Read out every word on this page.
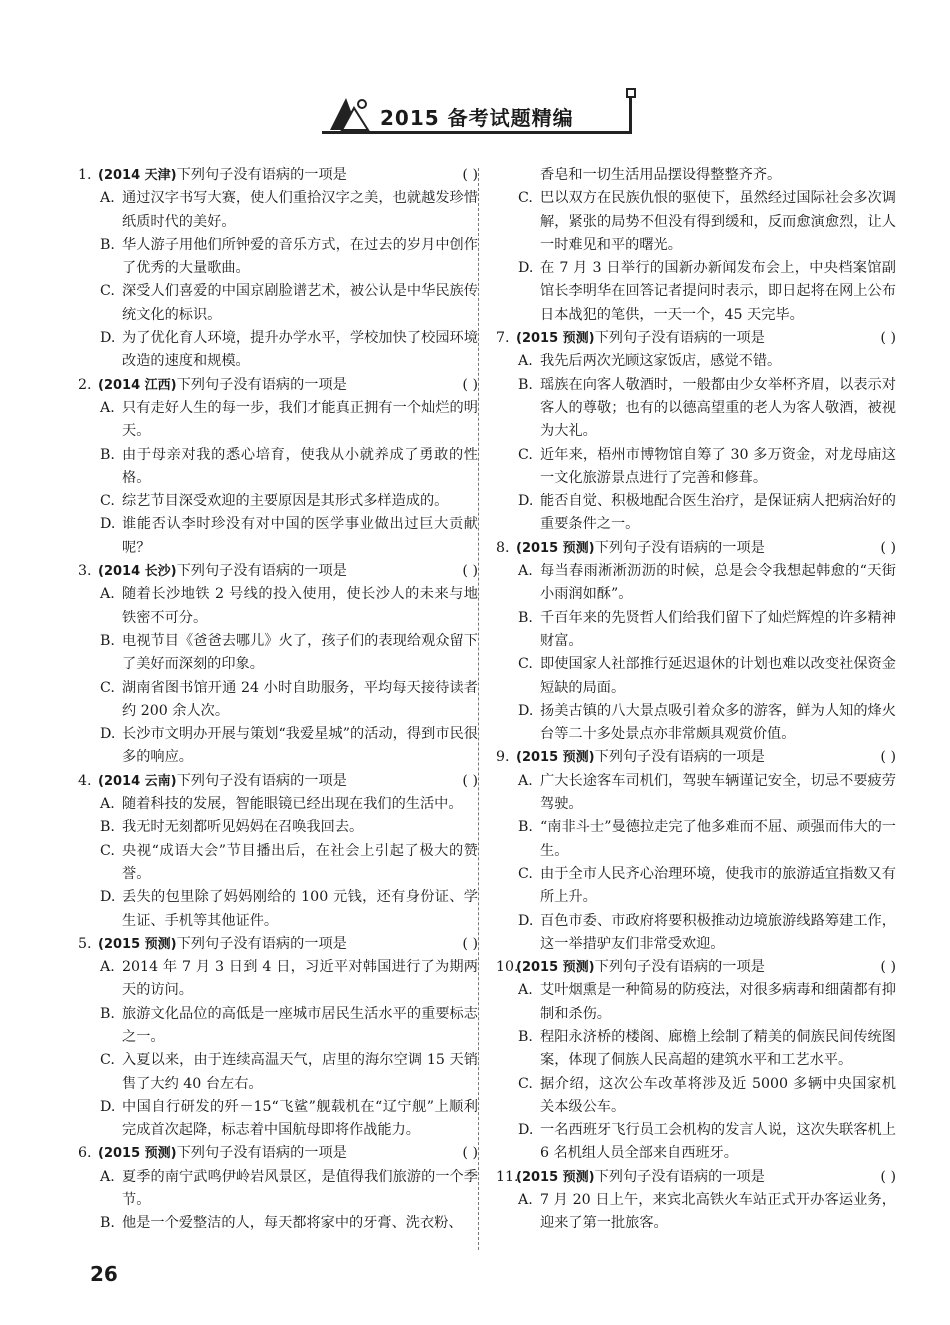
2015 备考试题精编
1. (2014 天津)下列句子没有语病的一项是	( )
A. 通过汉字书写大赛，使人们重拾汉字之美，也就越发珍惜纸质时代的美好。
B. 华人游子用他们所钟爱的音乐方式，在过去的岁月中创作了优秀的大量歌曲。
C. 深受人们喜爱的中国京剧脸谱艺术，被公认是中华民族传统文化的标识。
D. 为了优化育人环境，提升办学水平，学校加快了校园环境改造的速度和规模。
2. (2014 江西)下列句子没有语病的一项是	( )
A. 只有走好人生的每一步，我们才能真正拥有一个灿烂的明天。
B. 由于母亲对我的悉心培育，使我从小就养成了勇敢的性格。
C. 综艺节目深受欢迎的主要原因是其形式多样造成的。
D. 谁能否认李时珍没有对中国的医学事业做出过巨大贡献呢？
3. (2014 长沙)下列句子没有语病的一项是	( )
A. 随着长沙地铁 2 号线的投入使用，使长沙人的未来与地铁密不可分。
B. 电视节目《爸爸去哪儿》火了，孩子们的表现给观众留下了美好而深刻的印象。
C. 湖南省图书馆开通 24 小时自助服务，平均每天接待读者约 200 余人次。
D. 长沙市文明办开展与策划“我爱星城”的活动，得到市民很多的响应。
4. (2014 云南)下列句子没有语病的一项是	( )
A. 随着科技的发展，智能眼镜已经出现在我们的生活中。
B. 我无时无刻都听见妈妈在召唤我回去。
C. 央视“成语大会”节目播出后，在社会上引起了极大的赞誉。
D. 丢失的包里除了妈妈刚给的 100 元钱，还有身份证、学生证、手机等其他证件。
5. (2015 预测)下列句子没有语病的一项是	( )
A. 2014 年 7 月 3 日到 4 日，习近平对韩国进行了为期两天的访问。
B. 旅游文化品位的高低是一座城市居民生活水平的重要标志之一。
C. 入夏以来，由于连续高温天气，店里的海尔空调 15 天销售了大约 40 台左右。
D. 中国自行研发的歼－15“飞鲨”舰载机在“辽宁舰”上顺利完成首次起降，标志着中国航母即将作战能力。
6. (2015 预测)下列句子没有语病的一项是	( )
A. 夏季的南宁武鸣伊岭岩风景区，是值得我们旅游的一个季节。
B. 他是一个爱整洁的人，每天都将家中的牙膏、洗衣粉、
香皂和一切生活用品摆设得整整齐齐。
C. 巴以双方在民族仇恨的驱使下，虽然经过国际社会多次调解，紧张的局势不但没有得到缓和，反而愈演愈烈，让人一时难见和平的曙光。
D. 在 7 月 3 日举行的国新办新闻发布会上，中央档案馆副馆长李明华在回答记者提问时表示，即日起将在网上公布日本战犯的笔供，一天一个，45 天完毕。
7. (2015 预测)下列句子没有语病的一项是	( )
A. 我先后两次光顾这家饭店，感觉不错。
B. 瑶族在向客人敬酒时，一般都由少女举杯齐眉，以表示对客人的尊敬；也有的以德高望重的老人为客人敬酒，被视为大礼。
C. 近年来，梧州市博物馆自筹了 30 多万资金，对龙母庙这一文化旅游景点进行了完善和修葺。
D. 能否自觉、积极地配合医生治疗，是保证病人把病治好的重要条件之一。
8. (2015 预测)下列句子没有语病的一项是	( )
A. 每当春雨淅淅沥沥的时候，总是会令我想起韩愈的“天街小雨润如酥”。
B. 千百年来的先贤哲人们给我们留下了灿烂辉煌的许多精神财富。
C. 即使国家人社部推行延迟退休的计划也难以改变社保资金短缺的局面。
D. 扬美古镇的八大景点吸引着众多的游客，鲜为人知的烽火台等二十多处景点亦非常颇具观赏价值。
9. (2015 预测)下列句子没有语病的一项是	( )
A. 广大长途客车司机们，驾驶车辆谨记安全，切忌不要疲劳驾驶。
B. “南非斗士”曼德拉走完了他多难而不屈、顽强而伟大的一生。
C. 由于全市人民齐心治理环境，使我市的旅游适宜指数又有所上升。
D. 百色市委、市政府将要积极推动边境旅游线路筹建工作，这一举措驴友们非常受欢迎。
10.
(2015 预测)下列句子没有语病的一项是	( )
A. 艾叶烟熏是一种简易的防疫法，对很多病毒和细菌都有抑制和杀伤。
B. 程阳永济桥的楼阁、廊檐上绘制了精美的侗族民间传统图案，体现了侗族人民高超的建筑水平和工艺水平。
C. 据介绍，这次公车改革将涉及近 5000 多辆中央国家机关本级公车。
D. 一名西班牙飞行员工会机构的发言人说，这次失联客机上 6 名机组人员全部来自西班牙。
11.
(2015 预测)下列句子没有语病的一项是	( )
A. 7 月 20 日上午，来宾北高铁火车站正式开办客运业务，迎来了第一批旅客。
26
